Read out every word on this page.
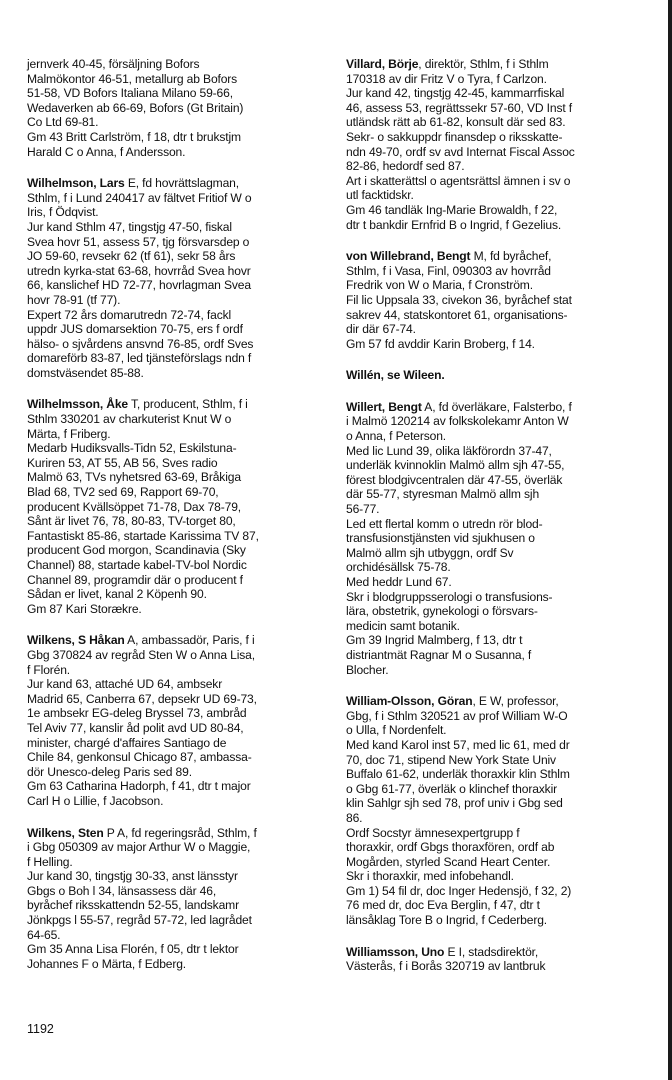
jernverk 40-45, försäljning Bofors
Malmökontor 46-51, metallurg ab Bofors
51-58, VD Bofors Italiana Milano 59-66,
Wedaverken ab 66-69, Bofors (Gt Britain)
Co Ltd 69-81.
Gm 43 Britt Carlström, f 18, dtr t brukstjm
Harald C o Anna, f Andersson.
Wilhelmson, Lars E, fd hovrättslagman,
Sthlm, f i Lund 240417 av fältvet Fritiof W o
Iris, f Ödqvist.
Jur kand Sthlm 47, tingstjg 47-50, fiskal
Svea hovr 51, assess 57, tjg försvarsdep o
JO 59-60, revsekr 62 (tf 61), sekr 58 års
utredn kyrka-stat 63-68, hovrråd Svea hovr
66, kanslichef HD 72-77, hovrlagman Svea
hovr 78-91 (tf 77).
Expert 72 års domarutredn 72-74, fackl
uppdr JUS domarsektion 70-75, ers f ordf
hälso- o sjvårdens ansvnd 76-85, ordf Sves
domareförb 83-87, led tjänsteförslags ndn f
domstväsendet 85-88.
Wilhelmsson, Åke T, producent, Sthlm, f i
Sthlm 330201 av charkuterist Knut W o
Märta, f Friberg.
Medarb Hudiksvalls-Tidn 52, Eskilstuna-
Kuriren 53, AT 55, AB 56, Sves radio
Malmö 63, TVs nyhetsred 63-69, Bråkiga
Blad 68, TV2 sed 69, Rapport 69-70,
producent Kvällsöppet 71-78, Dax 78-79,
Sånt är livet 76, 78, 80-83, TV-torget 80,
Fantastiskt 85-86, startade Karissima TV 87,
producent God morgon, Scandinavia (Sky
Channel) 88, startade kabel-TV-bol Nordic
Channel 89, programdir där o producent f
Sådan er livet, kanal 2 Köpenh 90.
Gm 87 Kari Storækre.
Wilkens, S Håkan A, ambassadör, Paris, f i
Gbg 370824 av regråd Sten W o Anna Lisa,
f Florén.
Jur kand 63, attaché UD 64, ambsekr
Madrid 65, Canberra 67, depsekr UD 69-73,
1e ambsekr EG-deleg Bryssel 73, ambråd
Tel Aviv 77, kanslir åd polit avd UD 80-84,
minister, chargé d'affaires Santiago de
Chile 84, genkonsul Chicago 87, ambassa-
dör Unesco-deleg Paris sed 89.
Gm 63 Catharina Hadorph, f 41, dtr t major
Carl H o Lillie, f Jacobson.
Wilkens, Sten P A, fd regeringsråd, Sthlm, f
i Gbg 050309 av major Arthur W o Maggie,
f Helling.
Jur kand 30, tingstjg 30-33, anst länsstyr
Gbgs o Boh l 34, länsassess där 46,
byråchef riksskattendn 52-55, landskamr
Jönkpgs l 55-57, regråd 57-72, led lagrådet
64-65.
Gm 35 Anna Lisa Florén, f 05, dtr t lektor
Johannes F o Märta, f Edberg.
Villard, Börje, direktör, Sthlm, f i Sthlm
170318 av dir Fritz V o Tyra, f Carlzon.
Jur kand 42, tingstjg 42-45, kammarrfiskal
46, assess 53, regrättssekr 57-60, VD Inst f
utländsk rätt ab 61-82, konsult där sed 83.
Sekr- o sakkuppdr finansdep o riksskatte-
ndn 49-70, ordf sv avd Internat Fiscal Assoc
82-86, hedordf sed 87.
Art i skatterättsl o agentsrättsl ämnen i sv o
utl facktidskr.
Gm 46 tandläk Ing-Marie Browaldh, f 22,
dtr t bankdir Ernfrid B o Ingrid, f Gezelius.
von Willebrand, Bengt M, fd byråchef,
Sthlm, f i Vasa, Finl, 090303 av hovrråd
Fredrik von W o Maria, f Cronström.
Fil lic Uppsala 33, civekon 36, byråchef stat
sakrev 44, statskontoret 61, organisations-
dir där 67-74.
Gm 57 fd avddir Karin Broberg, f 14.
Willén, se Wileen.
Willert, Bengt A, fd överläkare, Falsterbo, f
i Malmö 120214 av folkskolekamr Anton W
o Anna, f Peterson.
Med lic Lund 39, olika läkförordn 37-47,
underläk kvinnoklin Malmö allm sjh 47-55,
förest blodgivcentralen där 47-55, överläk
där 55-77, styresman Malmö allm sjh
56-77.
Led ett flertal komm o utredn rör blod-
transfusionstjänsten vid sjukhusen o
Malmö allm sjh utbyggn, ordf Sv
orchidésällsk 75-78.
Med heddr Lund 67.
Skr i blodgruppsserologi o transfusions-
lära, obstetrik, gynekologi o försvars-
medicin samt botanik.
Gm 39 Ingrid Malmberg, f 13, dtr t
distriantmät Ragnar M o Susanna, f
Blocher.
William-Olsson, Göran, E W, professor,
Gbg, f i Sthlm 320521 av prof William W-O
o Ulla, f Nordenfelt.
Med kand Karol inst 57, med lic 61, med dr
70, doc 71, stipend New York State Univ
Buffalo 61-62, underläk thoraxkir klin Sthlm
o Gbg 61-77, överläk o klinchef thoraxkir
klin Sahlgr sjh sed 78, prof univ i Gbg sed
86.
Ordf Socstyr ämnesexpertgrupp f
thoraxkir, ordf Gbgs thoraxfören, ordf ab
Mogården, styrled Scand Heart Center.
Skr i thoraxkir, med infobehandl.
Gm 1) 54 fil dr, doc Inger Hedensjö, f 32, 2)
76 med dr, doc Eva Berglin, f 47, dtr t
länsåklag Tore B o Ingrid, f Cederberg.
Williamsson, Uno E I, stadsdirektör,
Västerås, f i Borås 320719 av lantbruk
1192
